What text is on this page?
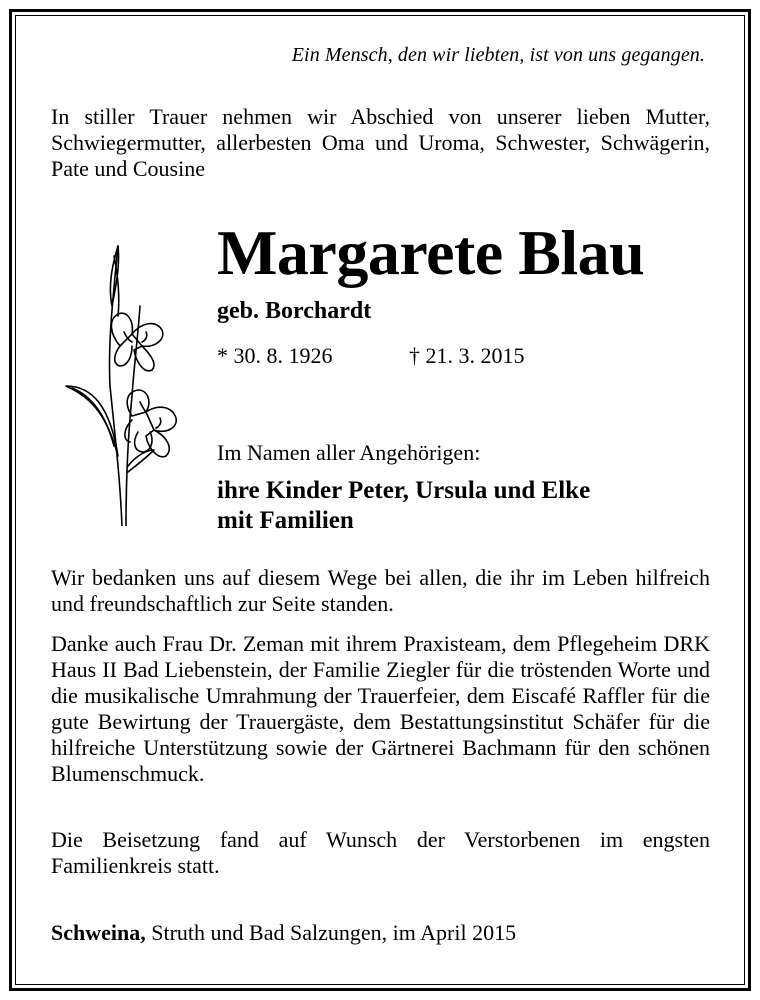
Ein Mensch, den wir liebten, ist von uns gegangen.

In stiller Trauer nehmen wir Abschied von unserer lieben Mutter, Schwiegermutter, allerbesten Oma und Uroma, Schwester, Schwägerin, Pate und Cousine

Margarete Blau
geb. Borchardt
* 30. 8. 1926	† 21. 3. 2015
Im Namen aller Angehörigen:
ihre Kinder Peter, Ursula und Elke
mit Familien

Wir bedanken uns auf diesem Wege bei allen, die ihr im Leben hilfreich und freundschaftlich zur Seite standen.

Danke auch Frau Dr. Zeman mit ihrem Praxisteam, dem Pflegeheim DRK Haus II Bad Liebenstein, der Familie Ziegler für die tröstenden Worte und die musikalische Umrahmung der Trauerfeier, dem Eiscafé Raffler für die gute Bewirtung der Trauergäste, dem Bestattungsinstitut Schäfer für die hilfreiche Unterstützung sowie der Gärtnerei Bachmann für den schönen Blumenschmuck.

Die Beisetzung fand auf Wunsch der Verstorbenen im engsten Familienkreis statt.

Schweina, Struth und Bad Salzungen, im April 2015
